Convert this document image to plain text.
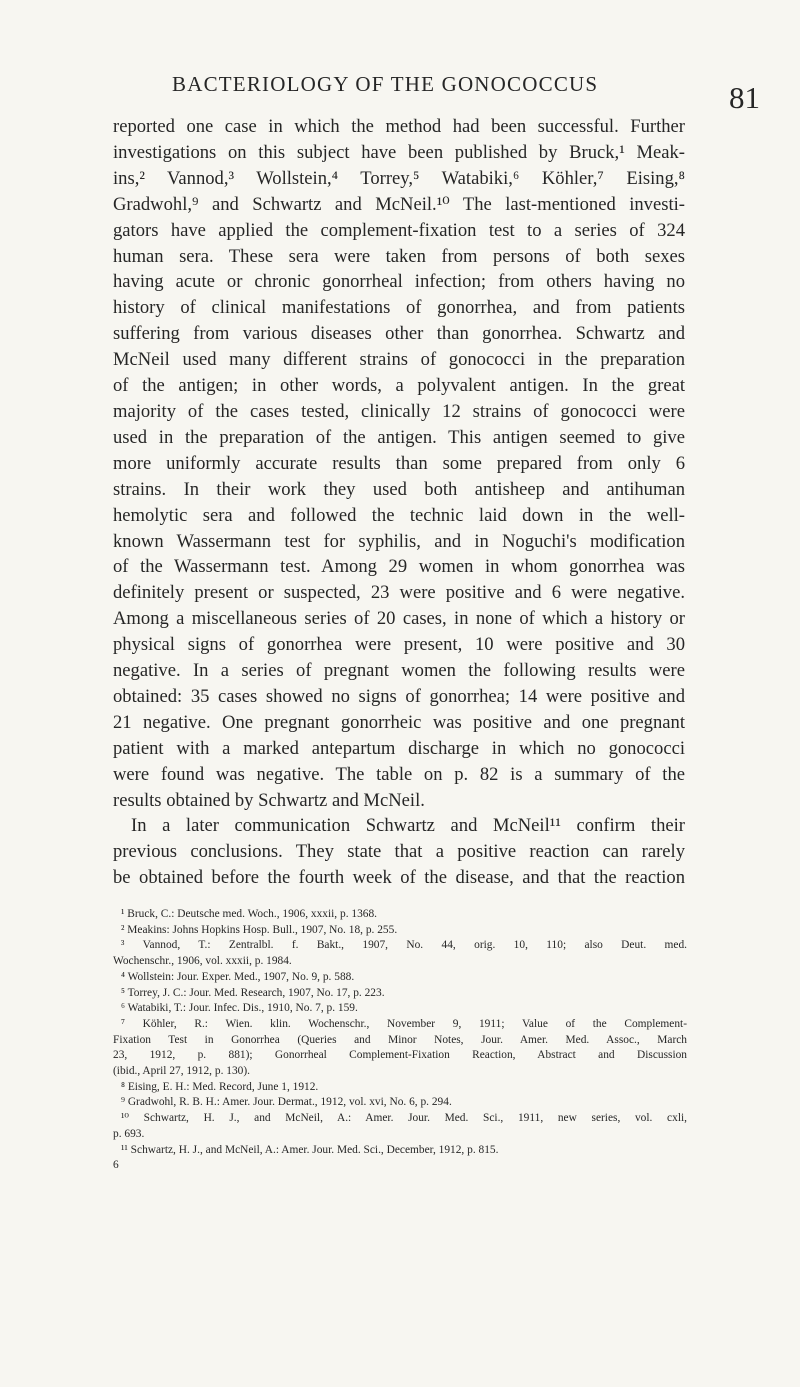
BACTERIOLOGY OF THE GONOCOCCUS	81
reported one case in which the method had been successful. Further
investigations on this subject have been published by Bruck,¹ Meak-
ins,² Vannod,³ Wollstein,⁴ Torrey,⁵ Watabiki,⁶ Köhler,⁷ Eising,⁸
Gradwohl,⁹ and Schwartz and McNeil.¹⁰ The last-mentioned investi-
gators have applied the complement-fixation test to a series of 324
human sera. These sera were taken from persons of both sexes
having acute or chronic gonorrheal infection; from others having no
history of clinical manifestations of gonorrhea, and from patients
suffering from various diseases other than gonorrhea. Schwartz and
McNeil used many different strains of gonococci in the preparation
of the antigen; in other words, a polyvalent antigen. In the great
majority of the cases tested, clinically 12 strains of gonococci were
used in the preparation of the antigen. This antigen seemed to give
more uniformly accurate results than some prepared from only 6
strains. In their work they used both antisheep and antihuman
hemolytic sera and followed the technic laid down in the well-
known Wassermann test for syphilis, and in Noguchi's modification
of the Wassermann test. Among 29 women in whom gonorrhea was
definitely present or suspected, 23 were positive and 6 were negative.
Among a miscellaneous series of 20 cases, in none of which a history or
physical signs of gonorrhea were present, 10 were positive and 30
negative. In a series of pregnant women the following results were
obtained: 35 cases showed no signs of gonorrhea; 14 were positive and
21 negative. One pregnant gonorrheic was positive and one pregnant
patient with a marked antepartum discharge in which no gonococci
were found was negative. The table on p. 82 is a summary of the
results obtained by Schwartz and McNeil.
In a later communication Schwartz and McNeil¹¹ confirm their
previous conclusions. They state that a positive reaction can rarely
be obtained before the fourth week of the disease, and that the reaction
¹ Bruck, C.: Deutsche med. Woch., 1906, xxxii, p. 1368.
² Meakins: Johns Hopkins Hosp. Bull., 1907, No. 18, p. 255.
³ Vannod, T.: Zentralbl. f. Bakt., 1907, No. 44, orig. 10, 110; also Deut. med.
Wochenschr., 1906, vol. xxxii, p. 1984.
⁴ Wollstein: Jour. Exper. Med., 1907, No. 9, p. 588.
⁵ Torrey, J. C.: Jour. Med. Research, 1907, No. 17, p. 223.
⁶ Watabiki, T.: Jour. Infec. Dis., 1910, No. 7, p. 159.
⁷ Köhler, R.: Wien. klin. Wochenschr., November 9, 1911; Value of the Complement-
Fixation Test in Gonorrhea (Queries and Minor Notes, Jour. Amer. Med. Assoc., March
23, 1912, p. 881); Gonorrheal Complement-Fixation Reaction, Abstract and Discussion
(ibid., April 27, 1912, p. 130).
⁸ Eising, E. H.: Med. Record, June 1, 1912.
⁹ Gradwohl, R. B. H.: Amer. Jour. Dermat., 1912, vol. xvi, No. 6, p. 294.
¹⁰ Schwartz, H. J., and McNeil, A.: Amer. Jour. Med. Sci., 1911, new series, vol. cxli,
p. 693.
¹¹ Schwartz, H. J., and McNeil, A.: Amer. Jour. Med. Sci., December, 1912, p. 815.
6
